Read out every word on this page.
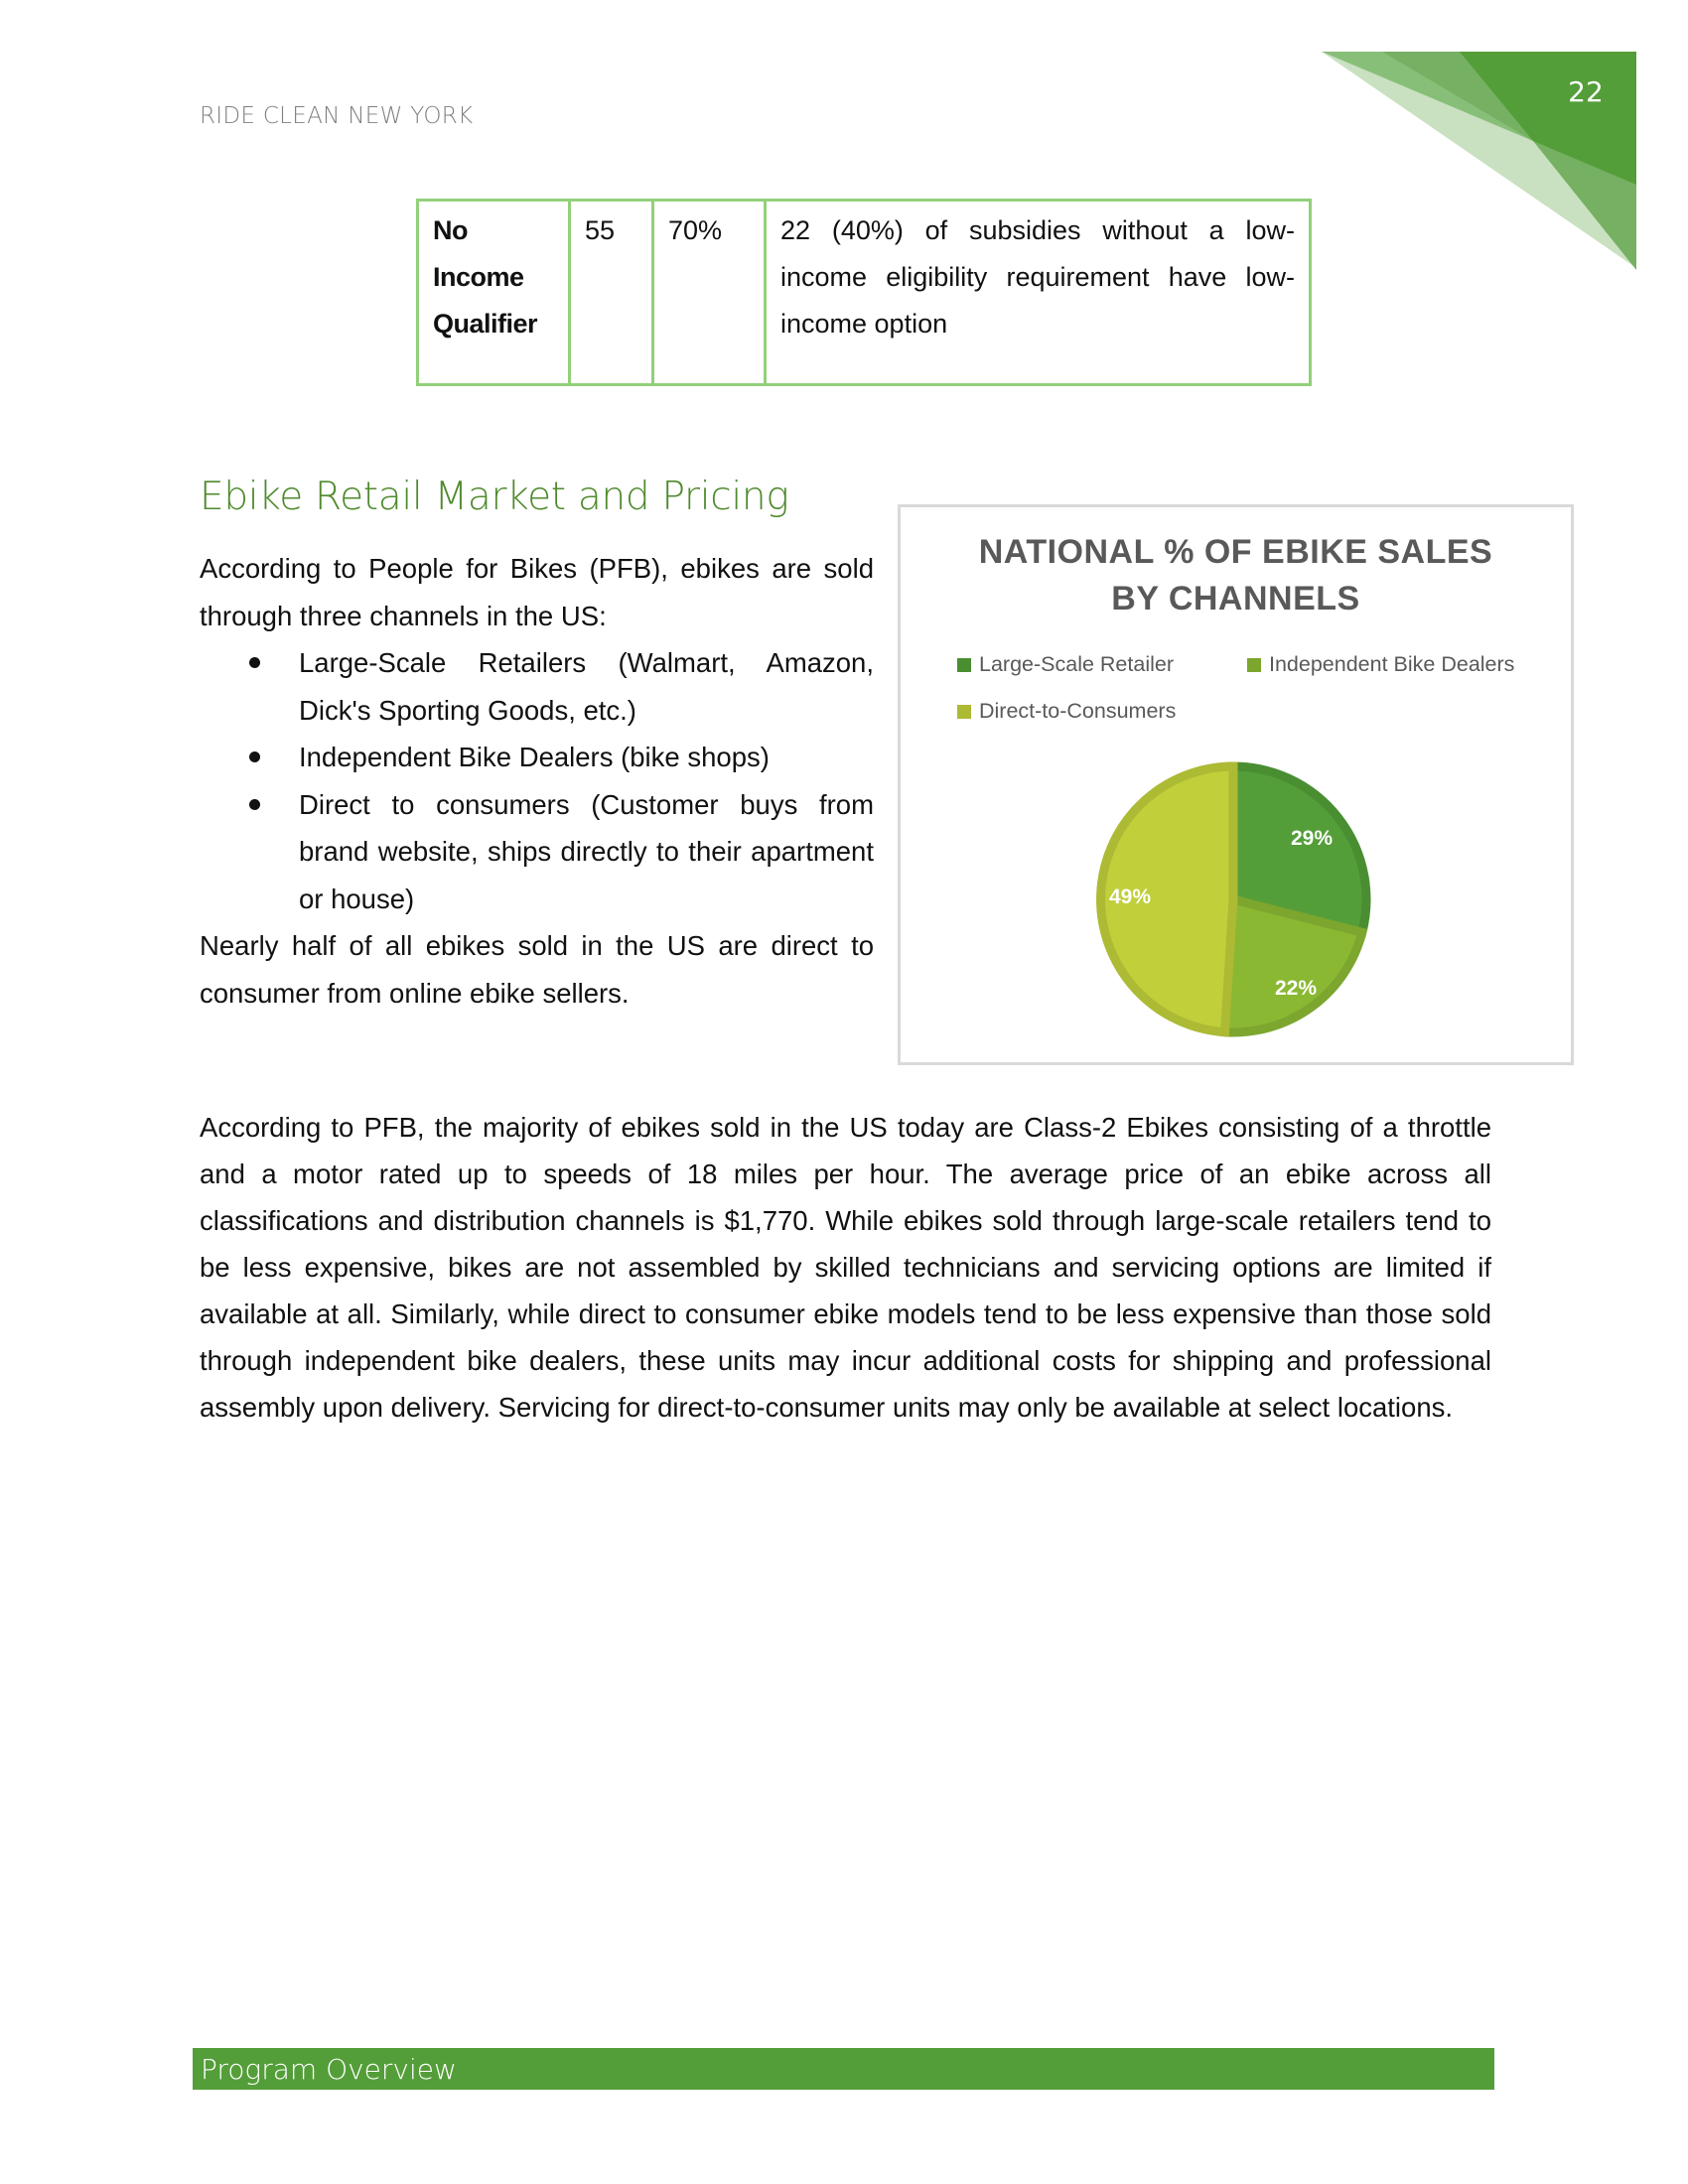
22
RIDE CLEAN NEW YORK
No Income Qualifier	55	70%	22 (40%) of subsidies without a low-income eligibility requirement have low-income option
Ebike Retail Market and Pricing

According to People for Bikes (PFB), ebikes are sold through three channels in the US:

Large-Scale Retailers (Walmart, Amazon, Dick's Sporting Goods, etc.)
Independent Bike Dealers (bike shops)
Direct to consumers (Customer buys from brand website, ships directly to their apartment or house)

Nearly half of all ebikes sold in the US are direct to consumer from online ebike sellers.

NATIONAL % OF EBIKE SALES
BY CHANNELS
Large-Scale Retailer	Independent Bike Dealers
Direct-to-Consumers
29%
22%
49%
According to PFB, the majority of ebikes sold in the US today are Class-2 Ebikes consisting of a throttle and a motor rated up to speeds of 18 miles per hour. The average price of an ebike across all classifications and distribution channels is $1,770. While ebikes sold through large-scale retailers tend to be less expensive, bikes are not assembled by skilled technicians and servicing options are limited if available at all. Similarly, while direct to consumer ebike models tend to be less expensive than those sold through independent bike dealers, these units may incur additional costs for shipping and professional assembly upon delivery. Servicing for direct-to-consumer units may only be available at select locations.
Program Overview
